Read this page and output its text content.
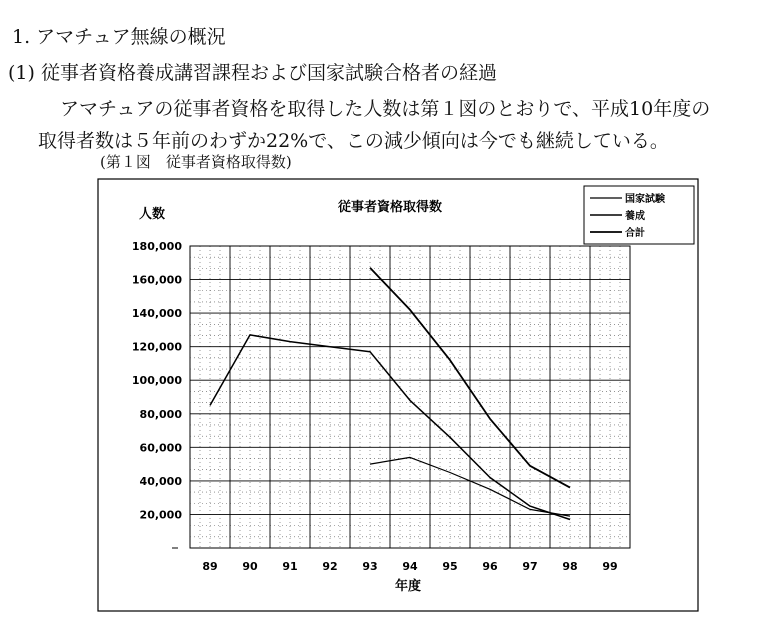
1. アマチュア無線の概況
(1) 従事者資格養成講習課程および国家試験合格者の経過
アマチュアの従事者資格を取得した人数は第１図のとおりで、平成10年度の
取得者数は５年前のわずか22%で、この減少傾向は今でも継続している。
(第１図　従事者資格取得数)
20,000
40,000
60,000
80,000
100,000
120,000
140,000
160,000
180,000
89 90 91 92 93 94 95 96 97 98 99
従事者資格取得数
人数
年度
国家試験
養成
合計
